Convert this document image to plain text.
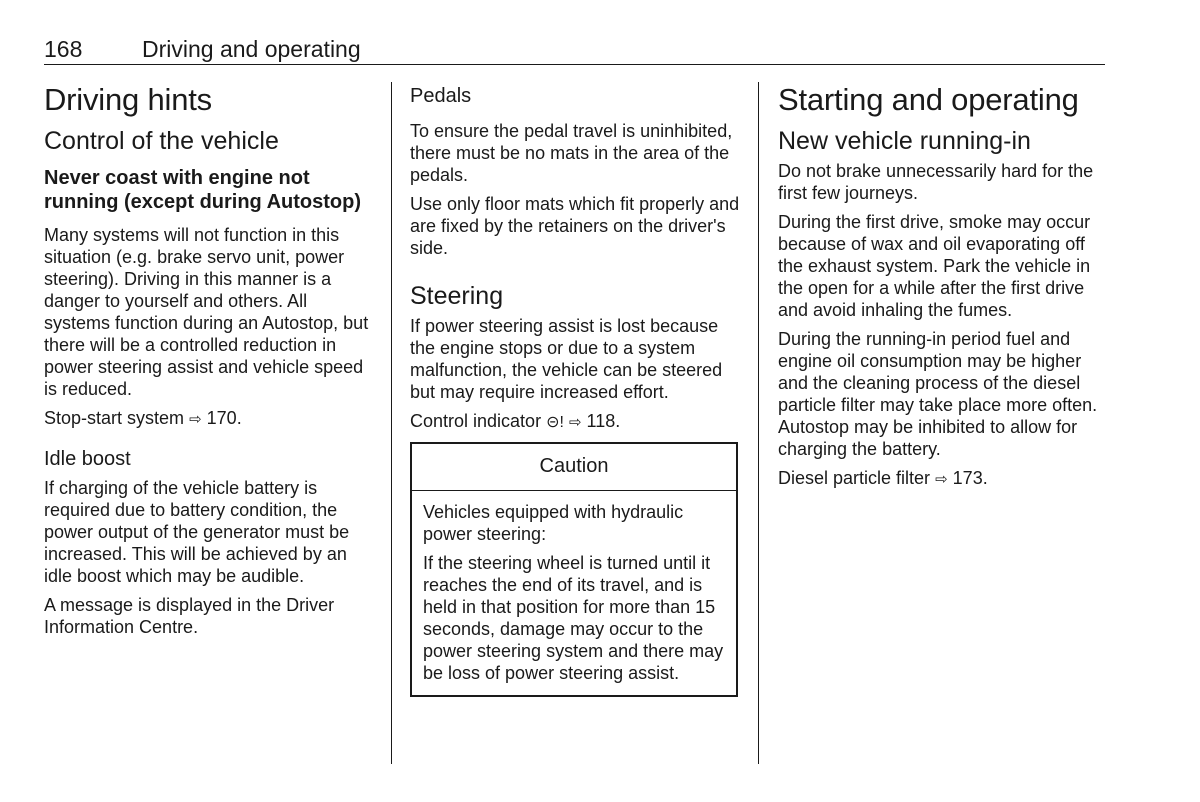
168	Driving and operating
Driving hints
Control of the vehicle
Never coast with engine not running (except during Autostop)

Many systems will not function in this situation (e.g. brake servo unit, power steering). Driving in this manner is a danger to yourself and others. All systems function during an Autostop, but there will be a controlled reduction in power steering assist and vehicle speed is reduced.

Stop-start system ⇨ 170.

Idle boost

If charging of the vehicle battery is required due to battery condition, the power output of the generator must be increased. This will be achieved by an idle boost which may be audible.

A message is displayed in the Driver Information Centre.

Pedals

To ensure the pedal travel is uninhibited, there must be no mats in the area of the pedals.

Use only floor mats which fit properly and are fixed by the retainers on the driver's side.

Steering

If power steering assist is lost because the engine stops or due to a system malfunction, the vehicle can be steered but may require increased effort.

Control indicator ⊝! ⇨ 118.

Caution

Vehicles equipped with hydraulic power steering:

If the steering wheel is turned until it reaches the end of its travel, and is held in that position for more than 15 seconds, damage may occur to the power steering system and there may be loss of power steering assist.

Starting and operating
New vehicle running-in

Do not brake unnecessarily hard for the first few journeys.

During the first drive, smoke may occur because of wax and oil evaporating off the exhaust system. Park the vehicle in the open for a while after the first drive and avoid inhaling the fumes.

During the running-in period fuel and engine oil consumption may be higher and the cleaning process of the diesel particle filter may take place more often. Autostop may be inhibited to allow for charging the battery.

Diesel particle filter ⇨ 173.
